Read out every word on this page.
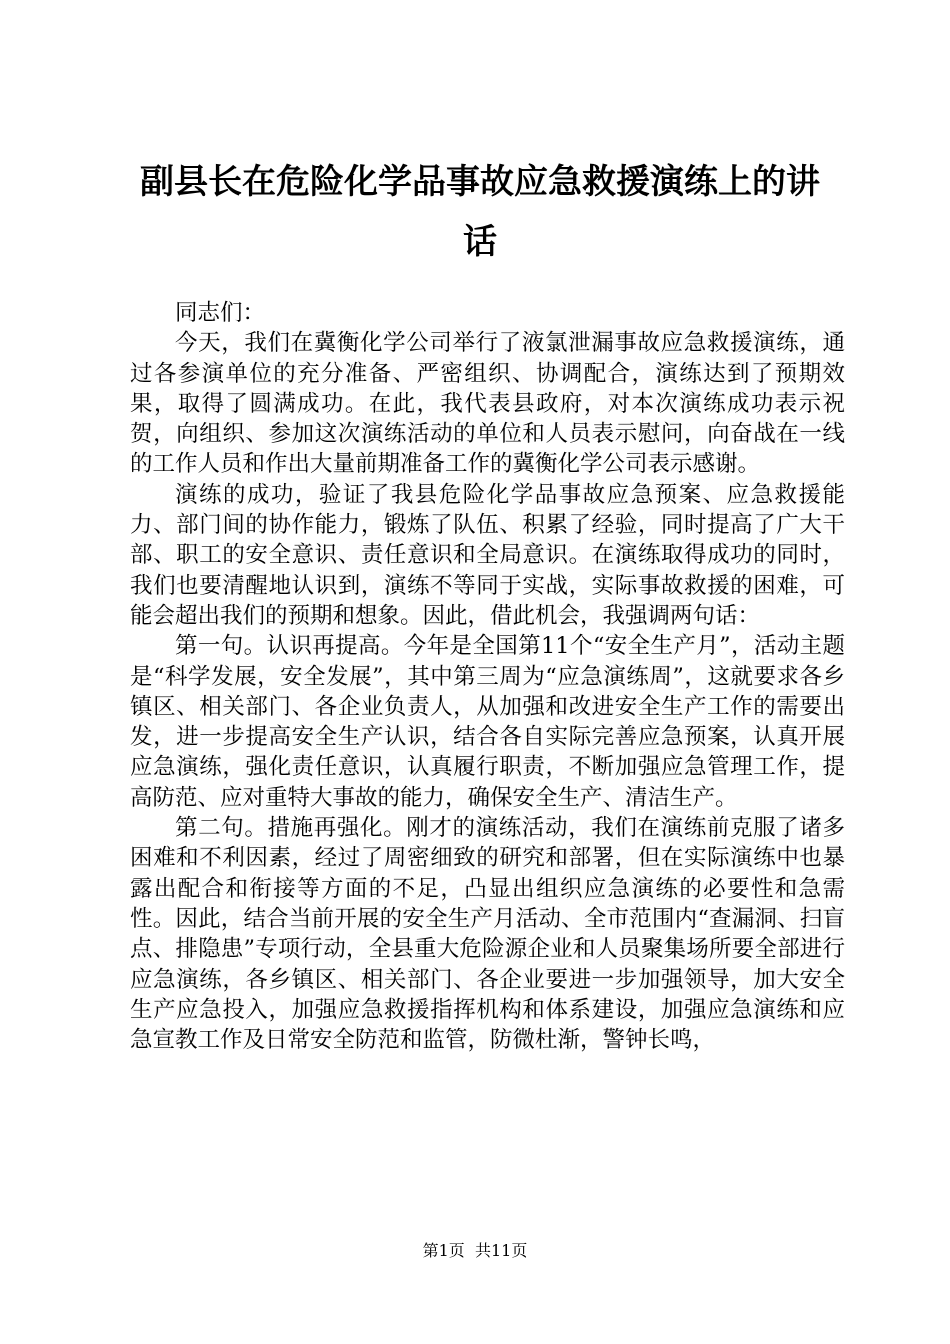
副县长在危险化学品事故应急救援演练上的讲
话

同志们：

今天，我们在冀衡化学公司举行了液氯泄漏事故应急救援演练，通过各参演单位的充分准备、严密组织、协调配合，演练达到了预期效果，取得了圆满成功。在此，我代表县政府，对本次演练成功表示祝贺，向组织、参加这次演练活动的单位和人员表示慰问，向奋战在一线的工作人员和作出大量前期准备工作的冀衡化学公司表示感谢。

演练的成功，验证了我县危险化学品事故应急预案、应急救援能力、部门间的协作能力，锻炼了队伍、积累了经验，同时提高了广大干部、职工的安全意识、责任意识和全局意识。在演练取得成功的同时，我们也要清醒地认识到，演练不等同于实战，实际事故救援的困难，可能会超出我们的预期和想象。因此，借此机会，我强调两句话：

第一句。认识再提高。今年是全国第11个“安全生产月”，活动主题是“科学发展，安全发展”，其中第三周为“应急演练周”，这就要求各乡镇区、相关部门、各企业负责人，从加强和改进安全生产工作的需要出发，进一步提高安全生产认识，结合各自实际完善应急预案，认真开展应急演练，强化责任意识，认真履行职责，不断加强应急管理工作，提高防范、应对重特大事故的能力，确保安全生产、清洁生产。

第二句。措施再强化。刚才的演练活动，我们在演练前克服了诸多困难和不利因素，经过了周密细致的研究和部署，但在实际演练中也暴露出配合和衔接等方面的不足，凸显出组织应急演练的必要性和急需性。因此，结合当前开展的安全生产月活动、全市范围内“查漏洞、扫盲点、排隐患”专项行动，全县重大危险源企业和人员聚集场所要全部进行应急演练，各乡镇区、相关部门、各企业要进一步加强领导，加大安全生产应急投入，加强应急救援指挥机构和体系建设，加强应急演练和应急宣教工作及日常安全防范和监管，防微杜渐，警钟长鸣，

第1页 共11页
